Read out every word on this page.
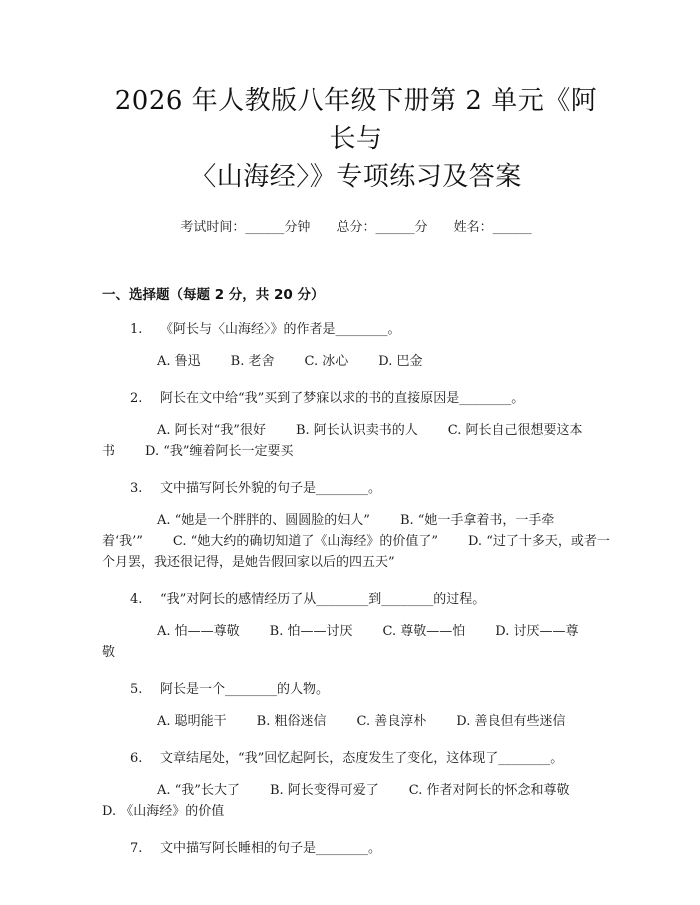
2026 年人教版八年级下册第 2 单元《阿长与
〈山海经〉》专项练习及答案
考试时间：______分钟 总分：______分 姓名：______
一、选择题（每题 2 分，共 20 分）
1. 《阿长与〈山海经〉》的作者是________。
A. 鲁迅 B. 老舍 C. 冰心 D. 巴金
2. 阿长在文中给“我”买到了梦寐以求的书的直接原因是________。
A. 阿长对“我”很好 B. 阿长认识卖书的人 C. 阿长自己很想要这本书 D. “我”缠着阿长一定要买
3. 文中描写阿长外貌的句子是________。
A. “她是一个胖胖的、圆圆脸的妇人” B. “她一手拿着书，一手牵着‘我’” C. “她大约的确切知道了《山海经》的价值了” D. “过了十多天，或者一个月罢，我还很记得，是她告假回家以后的四五天”
4. “我”对阿长的感情经历了从________到________的过程。
A. 怕——尊敬 B. 怕——讨厌 C. 尊敬——怕 D. 讨厌——尊敬
5. 阿长是一个________的人物。
A. 聪明能干 B. 粗俗迷信 C. 善良淳朴 D. 善良但有些迷信
6. 文章结尾处，“我”回忆起阿长，态度发生了变化，这体现了________。
A. “我”长大了 B. 阿长变得可爱了 C. 作者对阿长的怀念和尊敬D. 《山海经》的价值
7. 文中描写阿长睡相的句子是________。
